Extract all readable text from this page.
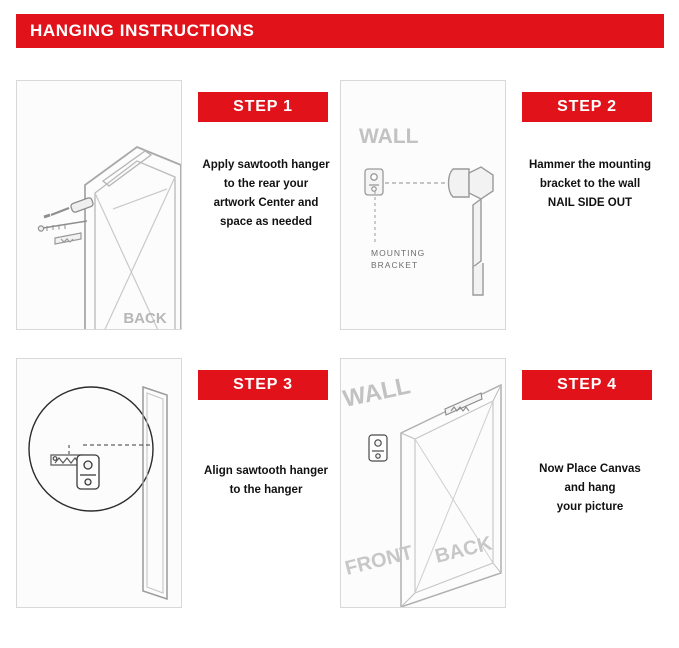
HANGING INSTRUCTIONS
BACK
STEP 1
Apply sawtooth hanger
to the rear your
artwork Center and
space as needed
WALL
MOUNTING
BRACKET
STEP 2
Hammer the mounting
bracket to the wall
NAIL SIDE OUT
STEP 3
Align sawtooth hanger
to the hanger
WALL
FRONT BACK
STEP 4
Now Place Canvas
and hang
your picture
